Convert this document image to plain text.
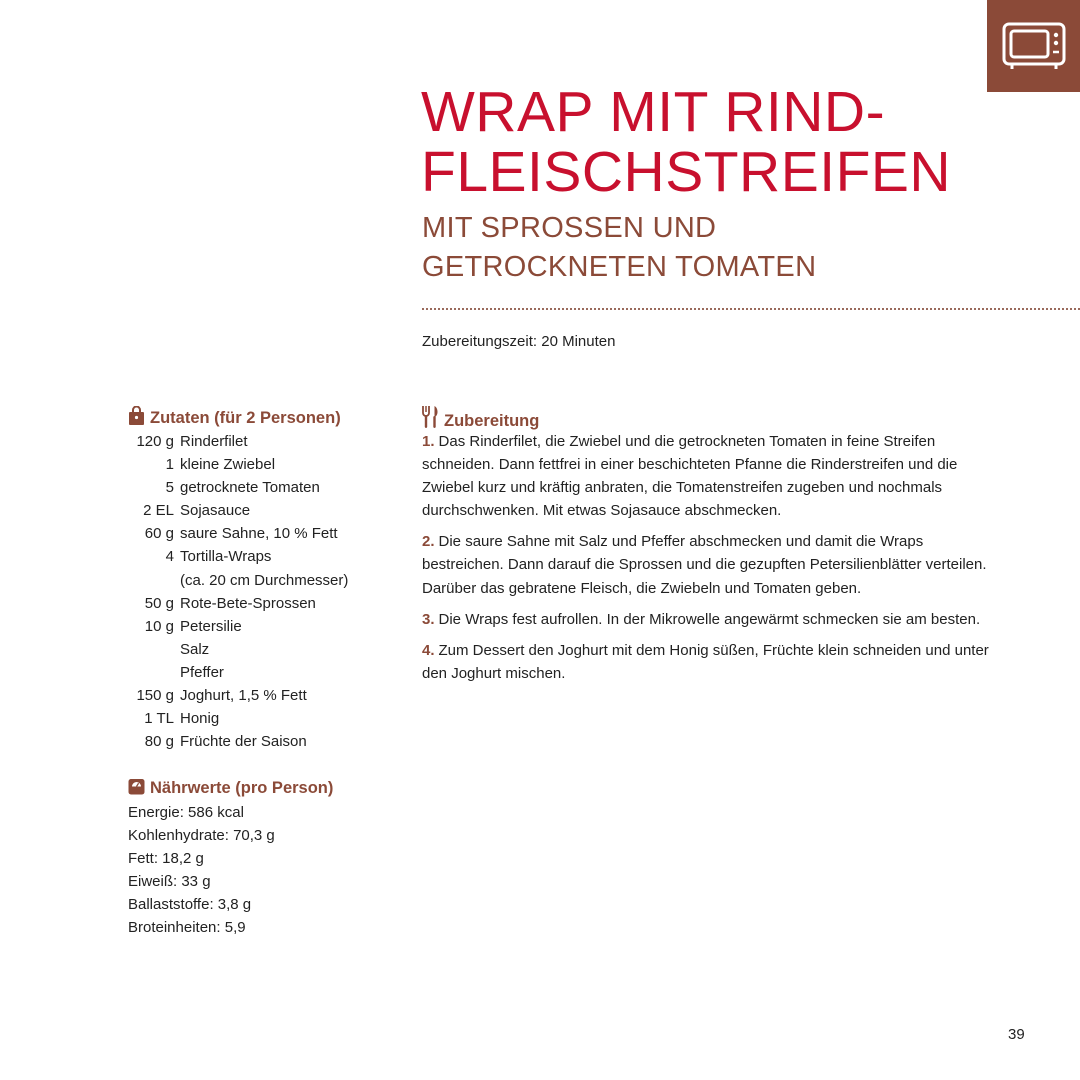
WRAP MIT RIND-
FLEISCHSTREIFEN
MIT SPROSSEN UND
GETROCKNETEN TOMATEN
Zubereitungszeit: 20 Minuten
Zutaten (für 2 Personen)
120 g Rinderfilet
1 kleine Zwiebel
5 getrocknete Tomaten
2 EL Sojasauce
60 g saure Sahne, 10 % Fett
4 Tortilla-Wraps
(ca. 20 cm Durchmesser)
50 g Rote-Bete-Sprossen
10 g Petersilie
Salz
Pfeffer
150 g Joghurt, 1,5 % Fett
1 TL Honig
80 g Früchte der Saison
Nährwerte (pro Person)
Energie: 586 kcal
Kohlenhydrate: 70,3 g
Fett: 18,2 g
Eiweiß: 33 g
Ballaststoffe: 3,8 g
Broteinheiten: 5,9
Zubereitung

1. Das Rinderfilet, die Zwiebel und die getrockneten Tomaten in feine Streifen schneiden. Dann fettfrei in einer beschichteten Pfanne die Rinderstreifen und die Zwiebel kurz und kräftig anbraten, die Tomatenstreifen zugeben und nochmals durchschwenken. Mit etwas Sojasauce abschmecken.

2. Die saure Sahne mit Salz und Pfeffer abschmecken und damit die Wraps bestreichen. Dann darauf die Sprossen und die gezupften Petersilienblätter verteilen. Darüber das gebratene Fleisch, die Zwiebeln und Tomaten geben.

3. Die Wraps fest aufrollen. In der Mikrowelle angewärmt schmecken sie am besten.

4. Zum Dessert den Joghurt mit dem Honig süßen, Früchte klein schneiden und unter den Joghurt mischen.

39
